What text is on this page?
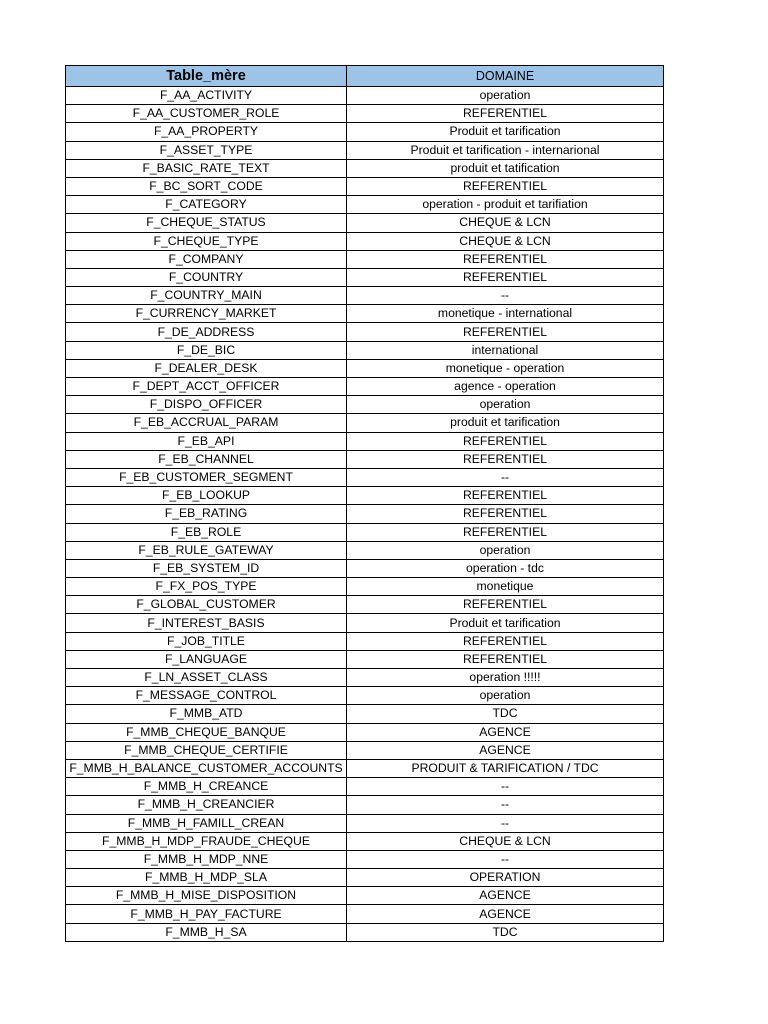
Table_mère	DOMAINE
F_AA_ACTIVITY	operation
F_AA_CUSTOMER_ROLE	REFERENTIEL
F_AA_PROPERTY	Produit et tarification
F_ASSET_TYPE	Produit et tarification - internarional
F_BASIC_RATE_TEXT	produit et tatification
F_BC_SORT_CODE	REFERENTIEL
F_CATEGORY	operation - produit et tarifiation
F_CHEQUE_STATUS	CHEQUE & LCN
F_CHEQUE_TYPE	CHEQUE & LCN
F_COMPANY	REFERENTIEL
F_COUNTRY	REFERENTIEL
F_COUNTRY_MAIN	--
F_CURRENCY_MARKET	monetique - international
F_DE_ADDRESS	REFERENTIEL
F_DE_BIC	international
F_DEALER_DESK	monetique - operation
F_DEPT_ACCT_OFFICER	agence - operation
F_DISPO_OFFICER	operation
F_EB_ACCRUAL_PARAM	produit et tarification
F_EB_API	REFERENTIEL
F_EB_CHANNEL	REFERENTIEL
F_EB_CUSTOMER_SEGMENT	--
F_EB_LOOKUP	REFERENTIEL
F_EB_RATING	REFERENTIEL
F_EB_ROLE	REFERENTIEL
F_EB_RULE_GATEWAY	operation
F_EB_SYSTEM_ID	operation - tdc
F_FX_POS_TYPE	monetique
F_GLOBAL_CUSTOMER	REFERENTIEL
F_INTEREST_BASIS	Produit et tarification
F_JOB_TITLE	REFERENTIEL
F_LANGUAGE	REFERENTIEL
F_LN_ASSET_CLASS	operation !!!!!
F_MESSAGE_CONTROL	operation
F_MMB_ATD	TDC
F_MMB_CHEQUE_BANQUE	AGENCE
F_MMB_CHEQUE_CERTIFIE	AGENCE
F_MMB_H_BALANCE_CUSTOMER_ACCOUNTS	PRODUIT & TARIFICATION / TDC
F_MMB_H_CREANCE	--
F_MMB_H_CREANCIER	--
F_MMB_H_FAMILL_CREAN	--
F_MMB_H_MDP_FRAUDE_CHEQUE	CHEQUE & LCN
F_MMB_H_MDP_NNE	--
F_MMB_H_MDP_SLA	OPERATION
F_MMB_H_MISE_DISPOSITION	AGENCE
F_MMB_H_PAY_FACTURE	AGENCE
F_MMB_H_SA	TDC
